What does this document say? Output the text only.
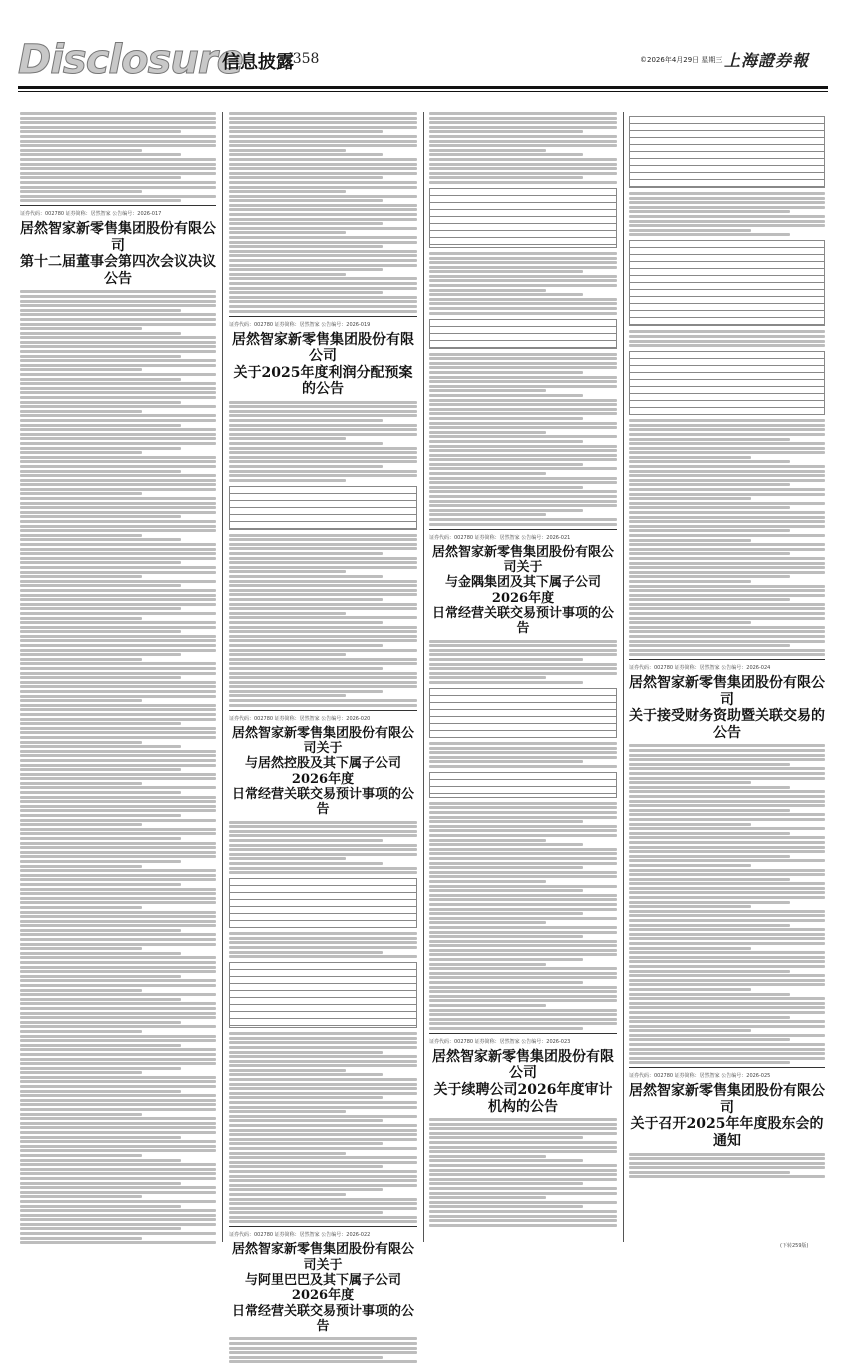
Disclosure
信息披露
/358	©2026年4月29日 星期三 上海證券報
证券代码：002780 证券简称：居然智家 公告编号：2026-017
居然智家新零售集团股份有限公司
第十二届董事会第四次会议决议公告
证券代码：002780 证券简称：居然智家 公告编号：2026-019
居然智家新零售集团股份有限公司
关于2025年度利润分配预案的公告
证券代码：002780 证券简称：居然智家 公告编号：2026-020
居然智家新零售集团股份有限公司关于
与居然控股及其下属子公司2026年度
日常经营关联交易预计事项的公告
证券代码：002780 证券简称：居然智家 公告编号：2026-022
居然智家新零售集团股份有限公司关于
与阿里巴巴及其下属子公司2026年度
日常经营关联交易预计事项的公告
证券代码：002780 证券简称：居然智家 公告编号：2026-021
居然智家新零售集团股份有限公司关于
与金隅集团及其下属子公司2026年度
日常经营关联交易预计事项的公告
证券代码：002780 证券简称：居然智家 公告编号：2026-023
居然智家新零售集团股份有限公司
关于续聘公司2026年度审计机构的公告
证券代码：002780 证券简称：居然智家 公告编号：2026-024
居然智家新零售集团股份有限公司
关于接受财务资助暨关联交易的公告
证券代码：002780 证券简称：居然智家 公告编号：2026-025
居然智家新零售集团股份有限公司
关于召开2025年年度股东会的通知
(下转259版)
